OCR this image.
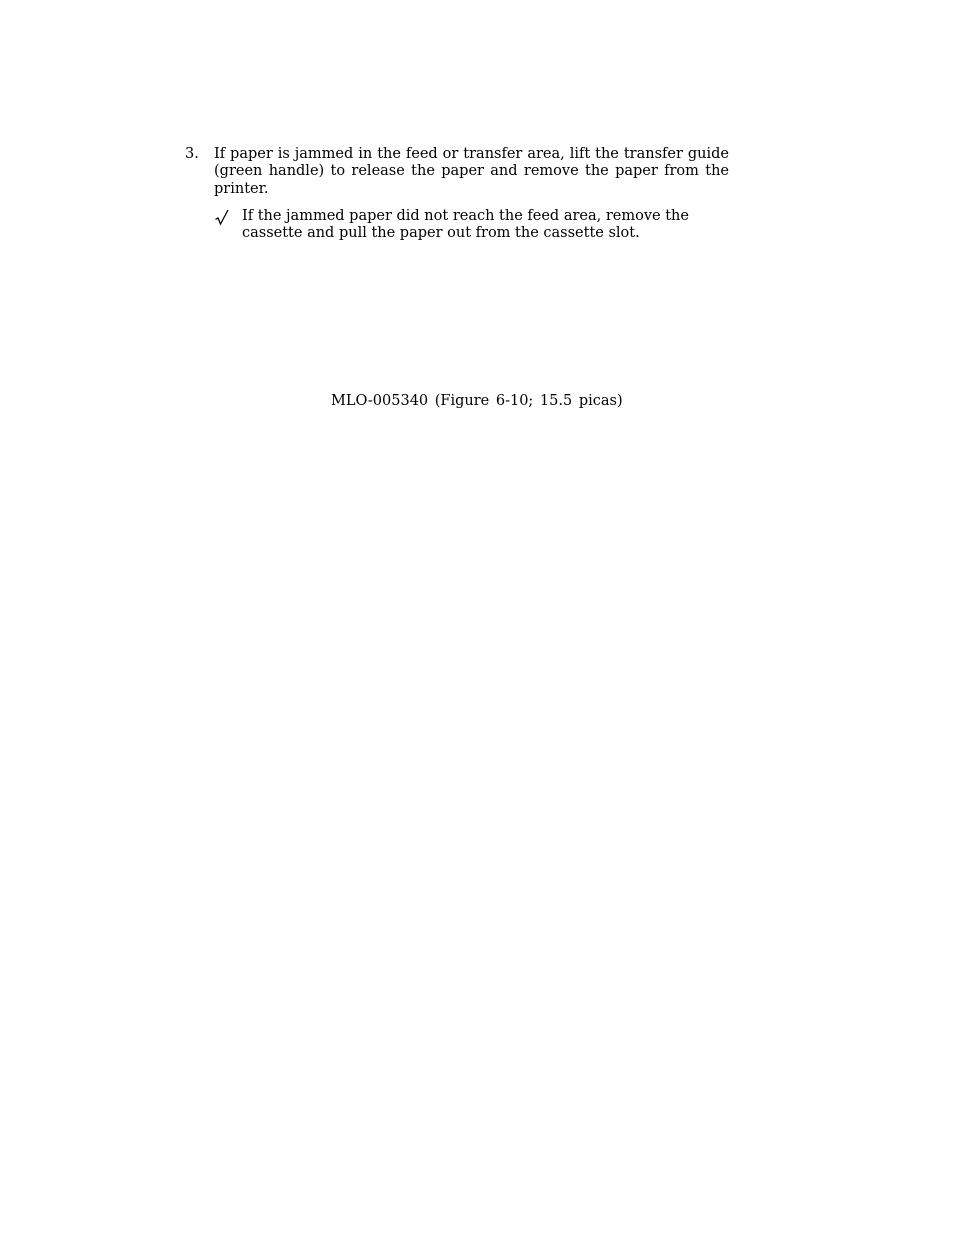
3.	If paper is jammed in the feed or transfer area, lift the transfer guide (green handle) to release the paper and remove the paper from the printer.
If the jammed paper did not reach the feed area, remove the cassette and pull the paper out from the cassette slot.
MLO-005340 (Figure 6-10; 15.5 picas)
